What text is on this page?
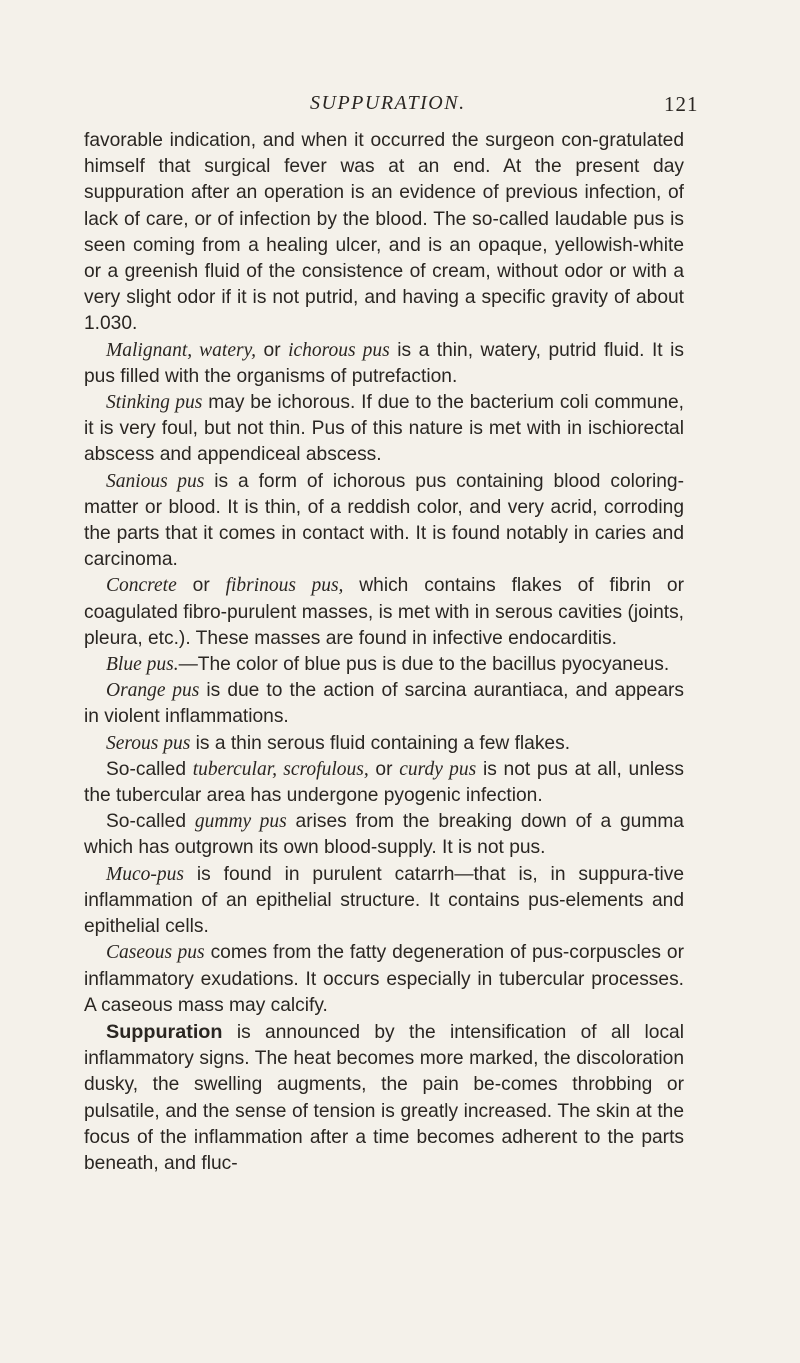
SUPPURATION.	121

favorable indication, and when it occurred the surgeon con-gratulated himself that surgical fever was at an end. At the present day suppuration after an operation is an evidence of previous infection, of lack of care, or of infection by the blood. The so-called laudable pus is seen coming from a healing ulcer, and is an opaque, yellowish-white or a greenish fluid of the consistence of cream, without odor or with a very slight odor if it is not putrid, and having a specific gravity of about 1.030.

Malignant, watery, or ichorous pus is a thin, watery, putrid fluid. It is pus filled with the organisms of putrefaction.

Stinking pus may be ichorous. If due to the bacterium coli commune, it is very foul, but not thin. Pus of this nature is met with in ischiorectal abscess and appendiceal abscess.

Sanious pus is a form of ichorous pus containing blood coloring-matter or blood. It is thin, of a reddish color, and very acrid, corroding the parts that it comes in contact with. It is found notably in caries and carcinoma.

Concrete or fibrinous pus, which contains flakes of fibrin or coagulated fibro-purulent masses, is met with in serous cavities (joints, pleura, etc.). These masses are found in infective endocarditis.

Blue pus.—The color of blue pus is due to the bacillus pyocyaneus.

Orange pus is due to the action of sarcina aurantiaca, and appears in violent inflammations.

Serous pus is a thin serous fluid containing a few flakes.

So-called tubercular, scrofulous, or curdy pus is not pus at all, unless the tubercular area has undergone pyogenic infection.

So-called gummy pus arises from the breaking down of a gumma which has outgrown its own blood-supply. It is not pus.

Muco-pus is found in purulent catarrh—that is, in suppura-tive inflammation of an epithelial structure. It contains pus-elements and epithelial cells.

Caseous pus comes from the fatty degeneration of pus-corpuscles or inflammatory exudations. It occurs especially in tubercular processes. A caseous mass may calcify.

Suppuration is announced by the intensification of all local inflammatory signs. The heat becomes more marked, the discoloration dusky, the swelling augments, the pain be-comes throbbing or pulsatile, and the sense of tension is greatly increased. The skin at the focus of the inflammation after a time becomes adherent to the parts beneath, and fluc-
